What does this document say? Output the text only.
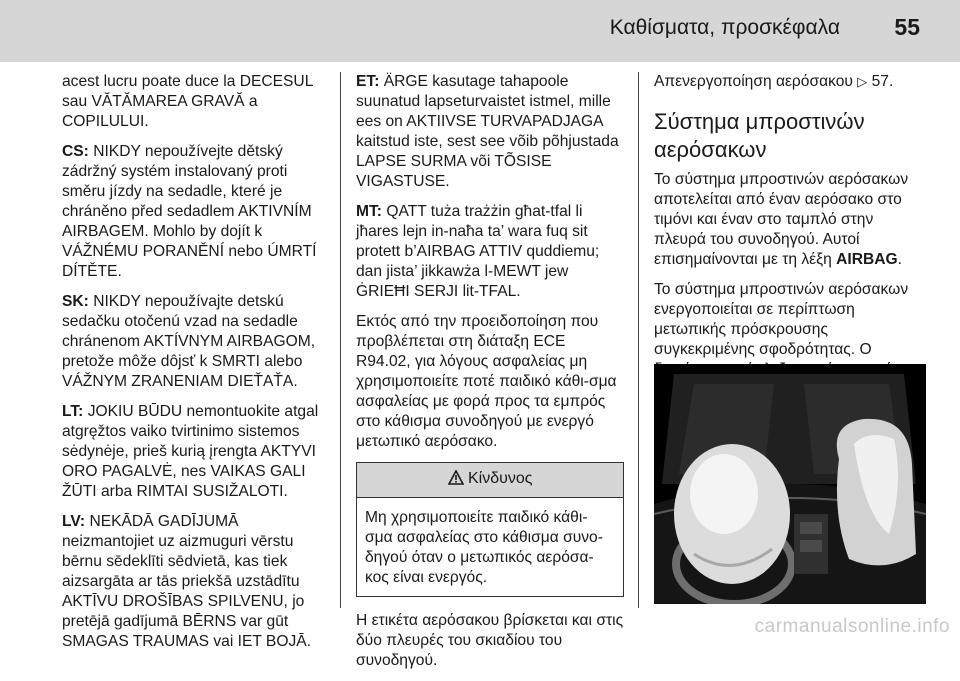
Καθίσματα, προσκέφαλα 55

acest lucru poate duce la DECESUL sau VĂTĂMAREA GRAVĂ a COPILULUI.

CS: NIKDY nepoužívejte dětský zádržný systém instalovaný proti směru jízdy na sedadle, které je chráněno před sedadlem AKTIVNÍM AIRBAGEM. Mohlo by dojít k VÁŽNÉMU PORANĚNÍ nebo ÚMRTÍ DÍTĚTE.

SK: NIKDY nepoužívajte detskú sedačku otočenú vzad na sedadle chránenom AKTÍVNYM AIRBAGOM, pretože môže dôjsť k SMRTI alebo VÁŽNYM ZRANENIAM DIEŤAŤA.

LT: JOKIU BŪDU nemontuokite atgal atgręžtos vaiko tvirtinimo sistemos sėdynėje, prieš kurią įrengta AKTYVI ORO PAGALVĖ, nes VAIKAS GALI ŽŪTI arba RIMTAI SUSIŽALOTI.

LV: NEKĀDĀ GADĪJUMĀ neizmantojiet uz aizmuguri vērstu bērnu sēdeklīti sēdvietā, kas tiek aizsargāta ar tās priekšā uzstādītu AKTĪVU DROŠĪBAS SPILVENU, jo pretējā gadījumā BĒRNS var gūt SMAGAS TRAUMAS vai IET BOJĀ.

ET: ÄRGE kasutage tahapoole suunatud lapseturvaistet istmel, mille ees on AKTIIVSE TURVAPADJAGA kaitstud iste, sest see võib põhjustada LAPSE SURMA või TÕSISE VIGASTUSE.

MT: QATT tuża trażżin għat-tfal li jħares lejn in-naħa ta’ wara fuq sit protett b’AIRBAG ATTIV quddiemu; dan jista’ jikkawża l-MEWT jew ĠRIEĦI SERJI lit-TFAL.

Εκτός από την προειδοποίηση που προβλέπεται στη διάταξη ECE R94.02, για λόγους ασφαλείας μη χρησιμοποιείτε ποτέ παιδικό κάθι‐σμα ασφαλείας με φορά προς τα εμπρός στο κάθισμα συνοδηγού με ενεργό μετωπικό αερόσακο.

Κίνδυνος
Μη χρησιμοποιείτε παιδικό κάθι‐σμα ασφαλείας στο κάθισμα συνο‐δηγού όταν ο μετωπικός αερόσα‐κος είναι ενεργός.

Η ετικέτα αερόσακου βρίσκεται και στις δύο πλευρές του σκιαδίου του συνοδηγού.

Απενεργοποίηση αερόσακου ▷ 57.

Σύστημα μπροστινών αερόσακων

Το σύστημα μπροστινών αερόσακων αποτελείται από έναν αερόσακο στο τιμόνι και έναν στο ταμπλό στην πλευρά του συνοδηγού. Αυτοί επισημαίνονται με τη λέξη AIRBAG.

Το σύστημα μπροστινών αερόσακων ενεργοποιείται σε περίπτωση μετωπικής πρόσκρουσης συγκεκριμένης σφοδρότητας. Ο

carmanualsonline.info
